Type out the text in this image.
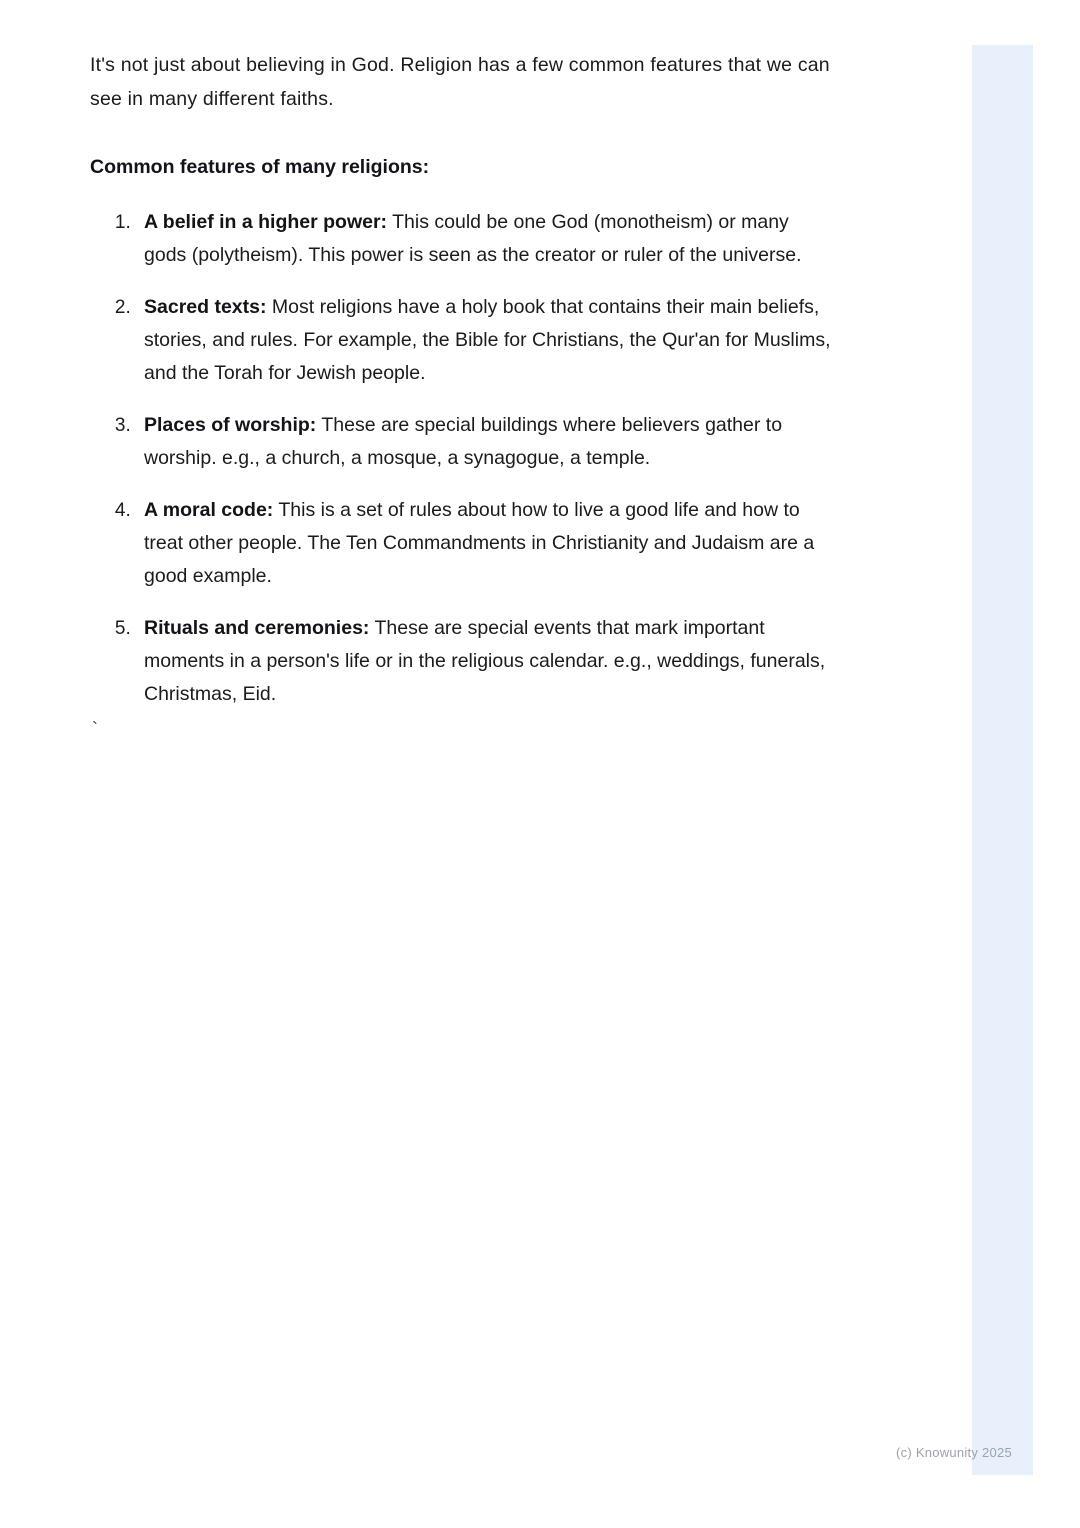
It's not just about believing in God. Religion has a few common features that we can see in many different faiths.

Common features of many religions:
1. A belief in a higher power: This could be one God (monotheism) or many gods (polytheism). This power is seen as the creator or ruler of the universe.
2. Sacred texts: Most religions have a holy book that contains their main beliefs, stories, and rules. For example, the Bible for Christians, the Qur'an for Muslims, and the Torah for Jewish people.
3. Places of worship: These are special buildings where believers gather to worship. e.g., a church, a mosque, a synagogue, a temple.
4. A moral code: This is a set of rules about how to live a good life and how to treat other people. The Ten Commandments in Christianity and Judaism are a good example.
5. Rituals and ceremonies: These are special events that mark important moments in a person's life or in the religious calendar. e.g., weddings, funerals, Christmas, Eid.
`
(c) Knowunity 2025
